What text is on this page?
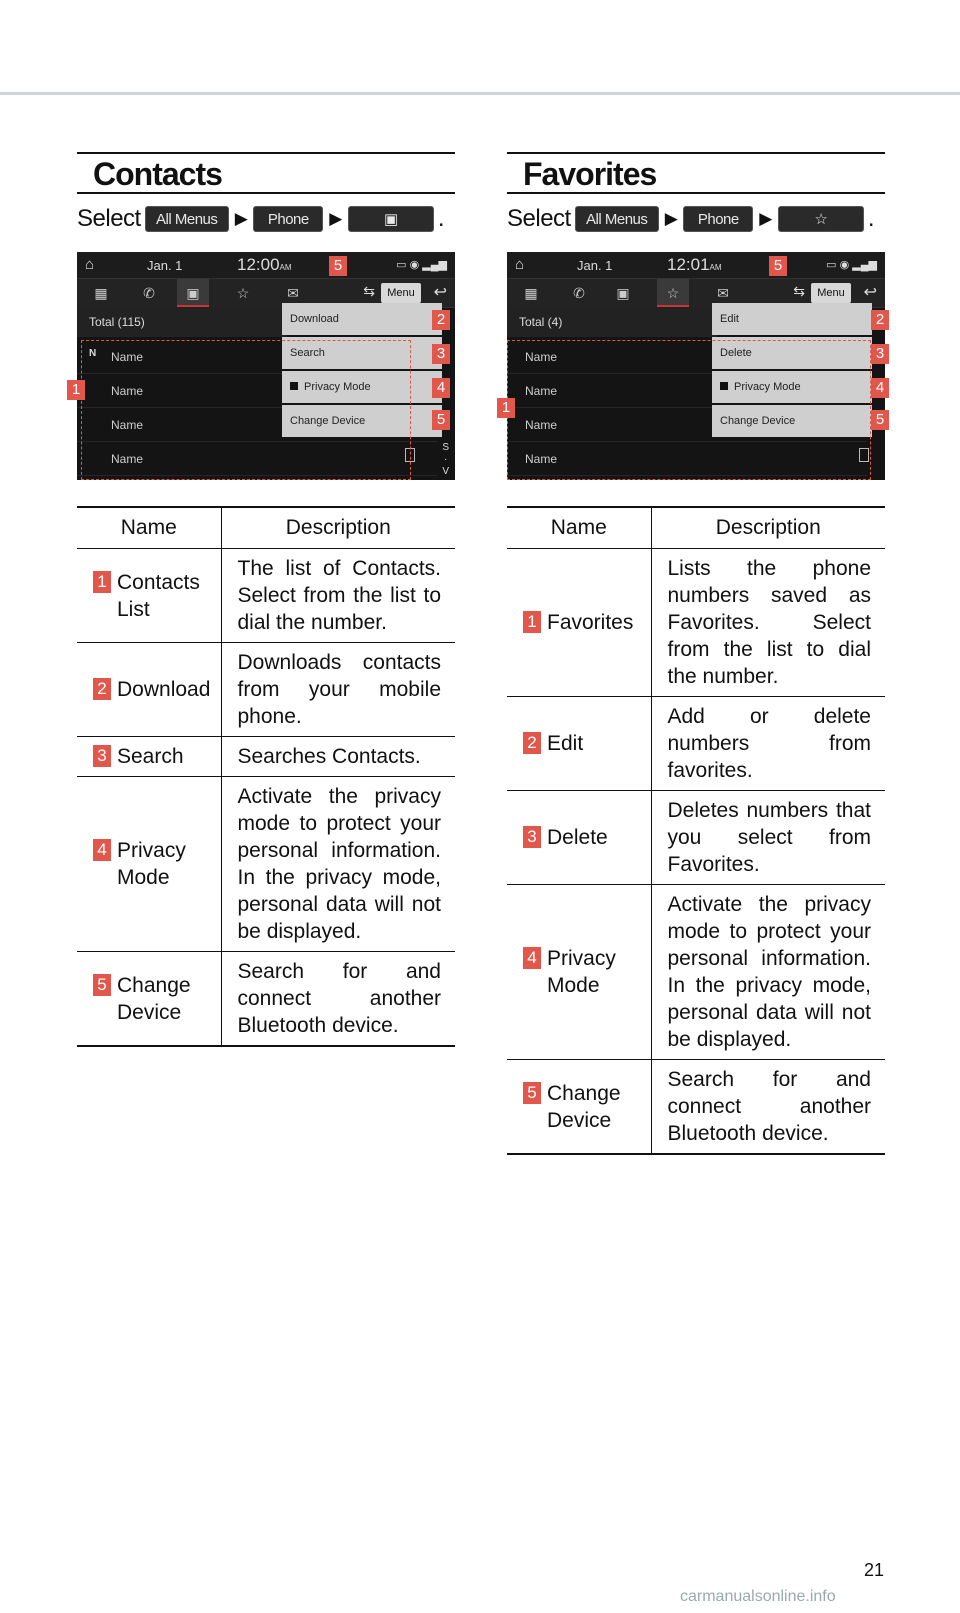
Contacts
Select	All Menus	▶	Phone	▶	▣	.
⌂	Jan. 1	12:00AM	▭ ◉ ▂▄▆
▦	✆	▣	☆	✉	⇆	Menu	↩
Total (115)
N	Name
Name
Name
Name
S
·
V
Download
Search
Privacy Mode
Change Device
1
2
3
4
5
5
Name	Description

1 Contacts List	The list of Contacts. Select from the list to dial the number.

2 Download	Downloads contacts from your mobile phone.

3 Search	Searches Contacts.

4 Privacy Mode	Activate the privacy mode to protect your personal information. In the privacy mode, personal data will not be displayed.

5 Change Device	Search for and connect another Bluetooth device.
Favorites
Select	All Menus	▶	Phone	▶	☆	.
⌂	Jan. 1	12:01AM	▭ ◉ ▂▄▆
▦	✆	▣	☆	✉	⇆	Menu	↩
Total (4)
Name
Name
Name
Name
Edit
Delete
Privacy Mode
Change Device
1
2
3
4
5
5
Name	Description

1 Favorites	Lists the phone numbers saved as Favorites. Select from the list to dial the number.

2 Edit	Add or delete numbers from favorites.

3 Delete	Deletes numbers that you select from Favorites.

4 Privacy Mode	Activate the privacy mode to protect your personal information. In the privacy mode, personal data will not be displayed.

5 Change Device	Search for and connect another Bluetooth device.
21
carmanualsonline.info
